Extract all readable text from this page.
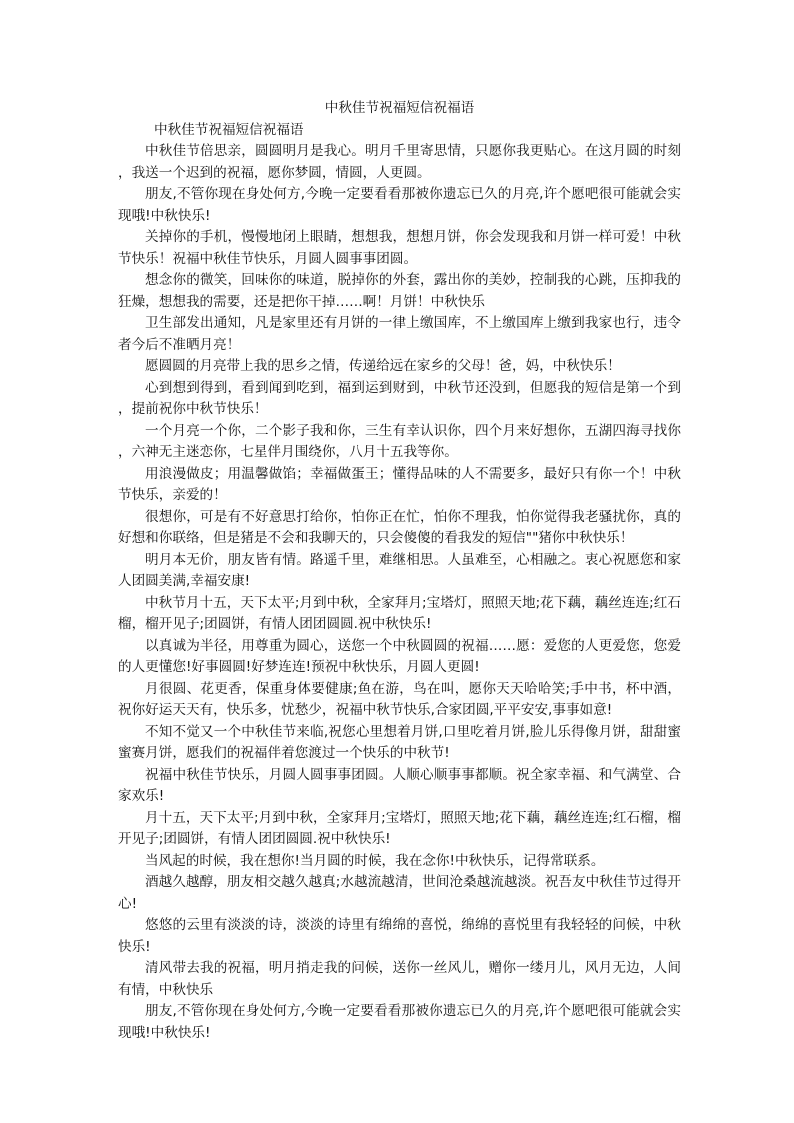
中秋佳节祝福短信祝福语

中秋佳节祝福短信祝福语

中秋佳节倍思亲，圆圆明月是我心。明月千里寄思情，只愿你我更贴心。在这月圆的时刻，我送一个迟到的祝福，愿你梦圆，情圆，人更圆。

朋友,不管你现在身处何方,今晚一定要看看那被你遗忘已久的月亮,许个愿吧很可能就会实现哦!中秋快乐!

关掉你的手机，慢慢地闭上眼睛，想想我，想想月饼，你会发现我和月饼一样可爱！中秋节快乐！祝福中秋佳节快乐，月圆人圆事事团圆。

想念你的微笑，回味你的味道，脱掉你的外套，露出你的美妙，控制我的心跳，压抑我的狂燥，想想我的需要，还是把你干掉……啊！月饼！中秋快乐

卫生部发出通知，凡是家里还有月饼的一律上缴国库，不上缴国库上缴到我家也行，违令者今后不准晒月亮！

愿圆圆的月亮带上我的思乡之情，传递给远在家乡的父母！爸，妈，中秋快乐！

心到想到得到，看到闻到吃到，福到运到财到，中秋节还没到，但愿我的短信是第一个到，提前祝你中秋节快乐！

一个月亮一个你，二个影子我和你，三生有幸认识你，四个月来好想你，五湖四海寻找你，六神无主迷恋你，七星伴月围绕你，八月十五我等你。

用浪漫做皮；用温馨做馅；幸福做蛋王；懂得品味的人不需要多，最好只有你一个！中秋节快乐，亲爱的！

很想你，可是有不好意思打给你，怕你正在忙，怕你不理我，怕你觉得我老骚扰你，真的好想和你联络，但是猪是不会和我聊天的，只会傻傻的看我发的短信""猪你中秋快乐！

明月本无价，朋友皆有情。路遥千里，难继相思。人虽难至，心相融之。衷心祝愿您和家人团圆美满,幸福安康!

中秋节月十五，天下太平;月到中秋，全家拜月;宝塔灯，照照天地;花下藕，藕丝连连;红石榴，榴开见子;团圆饼，有情人团团圆圆.祝中秋快乐!

以真诚为半径，用尊重为圆心，送您一个中秋圆圆的祝福……愿：爱您的人更爱您，您爱的人更懂您!好事圆圆!好梦连连!预祝中秋快乐，月圆人更圆!

月很圆、花更香，保重身体要健康;鱼在游，鸟在叫，愿你天天哈哈笑;手中书，杯中酒，祝你好运天天有，快乐多，忧愁少，祝福中秋节快乐,合家团圆,平平安安,事事如意!

不知不觉又一个中秋佳节来临,祝您心里想着月饼,口里吃着月饼,脸儿乐得像月饼，甜甜蜜蜜赛月饼，愿我们的祝福伴着您渡过一个快乐的中秋节!

祝福中秋佳节快乐，月圆人圆事事团圆。人顺心顺事事都顺。祝全家幸福、和气满堂、合家欢乐!

月十五，天下太平;月到中秋，全家拜月;宝塔灯，照照天地;花下藕，藕丝连连;红石榴，榴开见子;团圆饼，有情人团团圆圆.祝中秋快乐!

当风起的时候，我在想你!当月圆的时候，我在念你!中秋快乐，记得常联系。

酒越久越醇，朋友相交越久越真;水越流越清，世间沧桑越流越淡。祝吾友中秋佳节过得开心!

悠悠的云里有淡淡的诗，淡淡的诗里有绵绵的喜悦，绵绵的喜悦里有我轻轻的问候，中秋快乐!

清风带去我的祝福，明月捎走我的问候，送你一丝风儿，赠你一缕月儿，风月无边，人间有情，中秋快乐

朋友,不管你现在身处何方,今晚一定要看看那被你遗忘已久的月亮,许个愿吧很可能就会实现哦!中秋快乐!
